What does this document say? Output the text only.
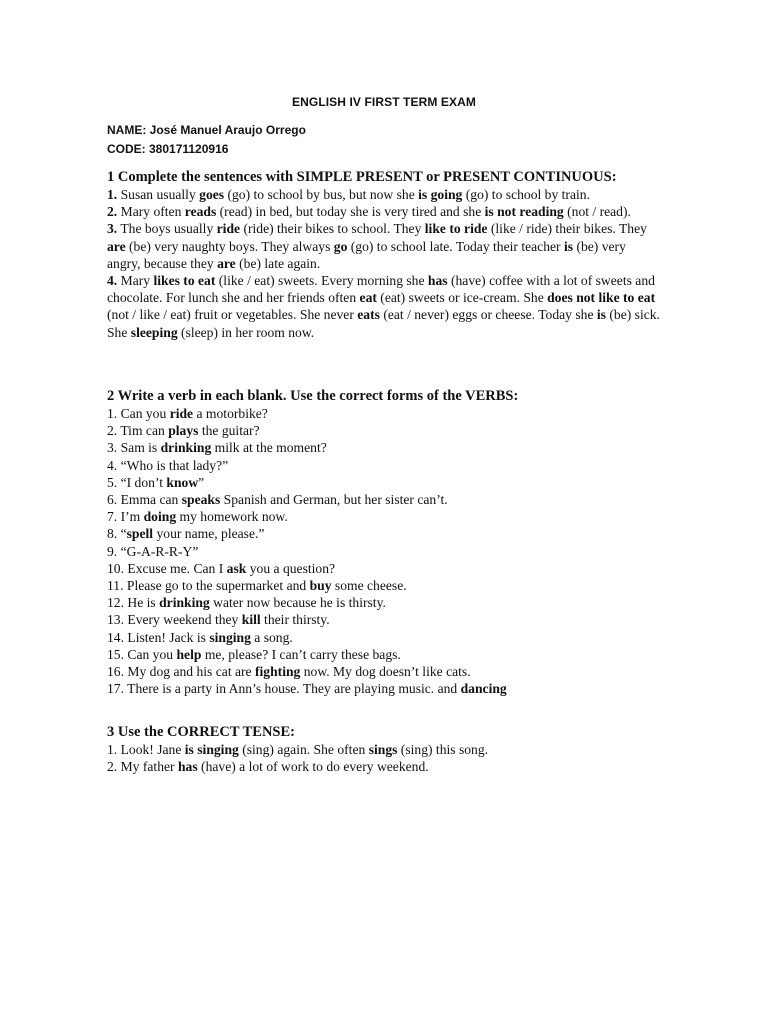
ENGLISH IV FIRST TERM EXAM
NAME: José Manuel Araujo Orrego
CODE: 380171120916
1 Complete the sentences with SIMPLE PRESENT or PRESENT CONTINUOUS:
1. Susan usually goes (go) to school by bus, but now she is going (go) to school by train.
2. Mary often reads (read) in bed, but today she is very tired and she is not reading (not / read).
3. The boys usually ride (ride) their bikes to school. They like to ride (like / ride) their bikes. They are (be) very naughty boys. They always go (go) to school late. Today their teacher is (be) very angry, because they are (be) late again.
4. Mary likes to eat (like / eat) sweets. Every morning she has (have) coffee with a lot of sweets and chocolate. For lunch she and her friends often eat (eat) sweets or ice-cream. She does not like to eat (not / like / eat) fruit or vegetables. She never eats (eat / never) eggs or cheese. Today she is (be) sick. She sleeping (sleep) in her room now.
2 Write a verb in each blank. Use the correct forms of the VERBS:
1. Can you ride a motorbike?
2. Tim can plays the guitar?
3. Sam is drinking milk at the moment?
4. “Who is that lady?”
5. “I don’t know”
6. Emma can speaks Spanish and German, but her sister can’t.
7. I’m doing my homework now.
8. “spell your name, please.”
9. “G-A-R-R-Y”
10. Excuse me. Can I ask you a question?
11. Please go to the supermarket and buy some cheese.
12. He is drinking water now because he is thirsty.
13. Every weekend they kill their thirsty.
14. Listen! Jack is singing a song.
15. Can you help me, please? I can’t carry these bags.
16. My dog and his cat are fighting now. My dog doesn’t like cats.
17. There is a party in Ann’s house. They are playing music. and dancing
3 Use the CORRECT TENSE:
1. Look! Jane is singing (sing) again. She often sings (sing) this song.
2. My father has (have) a lot of work to do every weekend.
